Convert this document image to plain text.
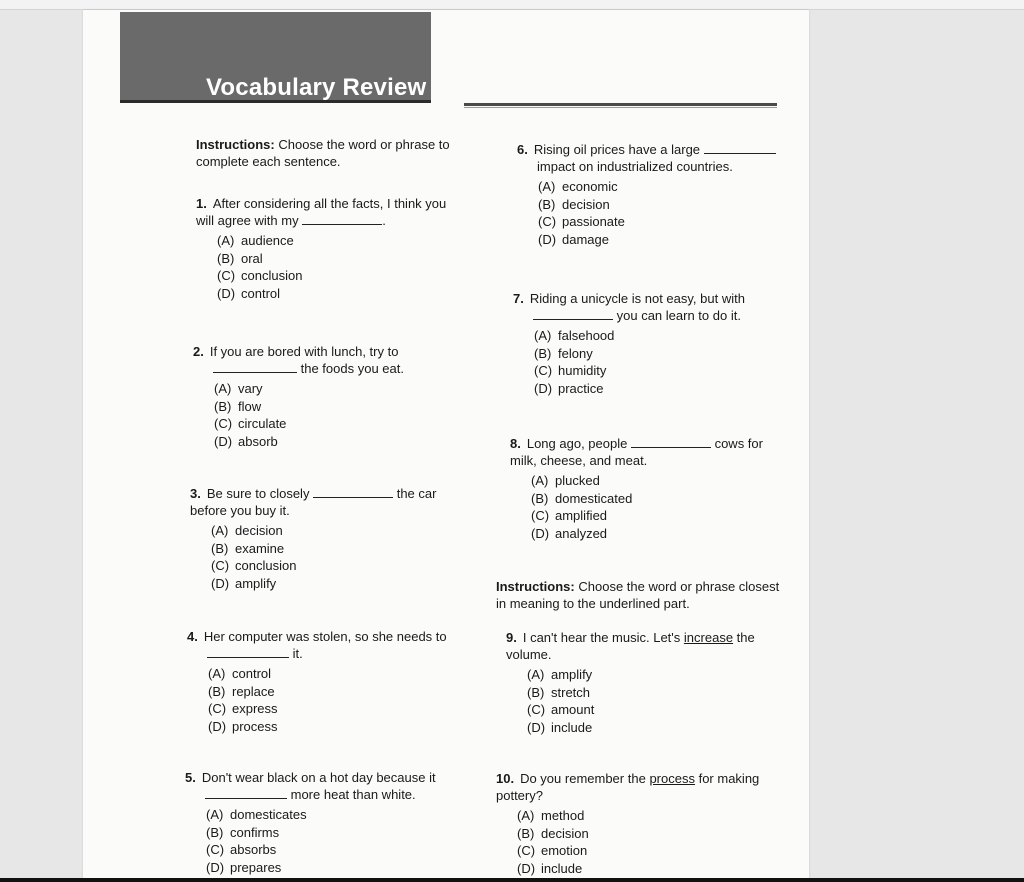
Vocabulary Review
Instructions: Choose the word or phrase to complete each sentence.
1. After considering all the facts, I think you will agree with my	.
(A) audience
(B) oral
(C) conclusion
(D) control
2. If you are bored with lunch, try to
the foods you eat.
(A) vary
(B) flow
(C) circulate
(D) absorb
3. Be sure to closely	the car before you buy it.
(A) decision
(B) examine
(C) conclusion
(D) amplify
4. Her computer was stolen, so she needs to
it.
(A) control
(B) replace
(C) express
(D) process
5. Don't wear black on a hot day because it
more heat than white.
(A) domesticates
(B) confirms
(C) absorbs
(D) prepares
6. Rising oil prices have a large

impact on industrialized countries.
(A) economic
(B) decision
(C) passionate
(D) damage
7. Riding a unicycle is not easy, but with
you can learn to do it.
(A) falsehood
(B) felony
(C) humidity
(D) practice
8. Long ago, people	cows for milk, cheese, and meat.
(A) plucked
(B) domesticated
(C) amplified
(D) analyzed
Instructions: Choose the word or phrase closest in meaning to the underlined part.
9. I can't hear the music. Let's increase the volume.
(A) amplify
(B) stretch
(C) amount
(D) include
10. Do you remember the process for making pottery?
(A) method
(B) decision
(C) emotion
(D) include
